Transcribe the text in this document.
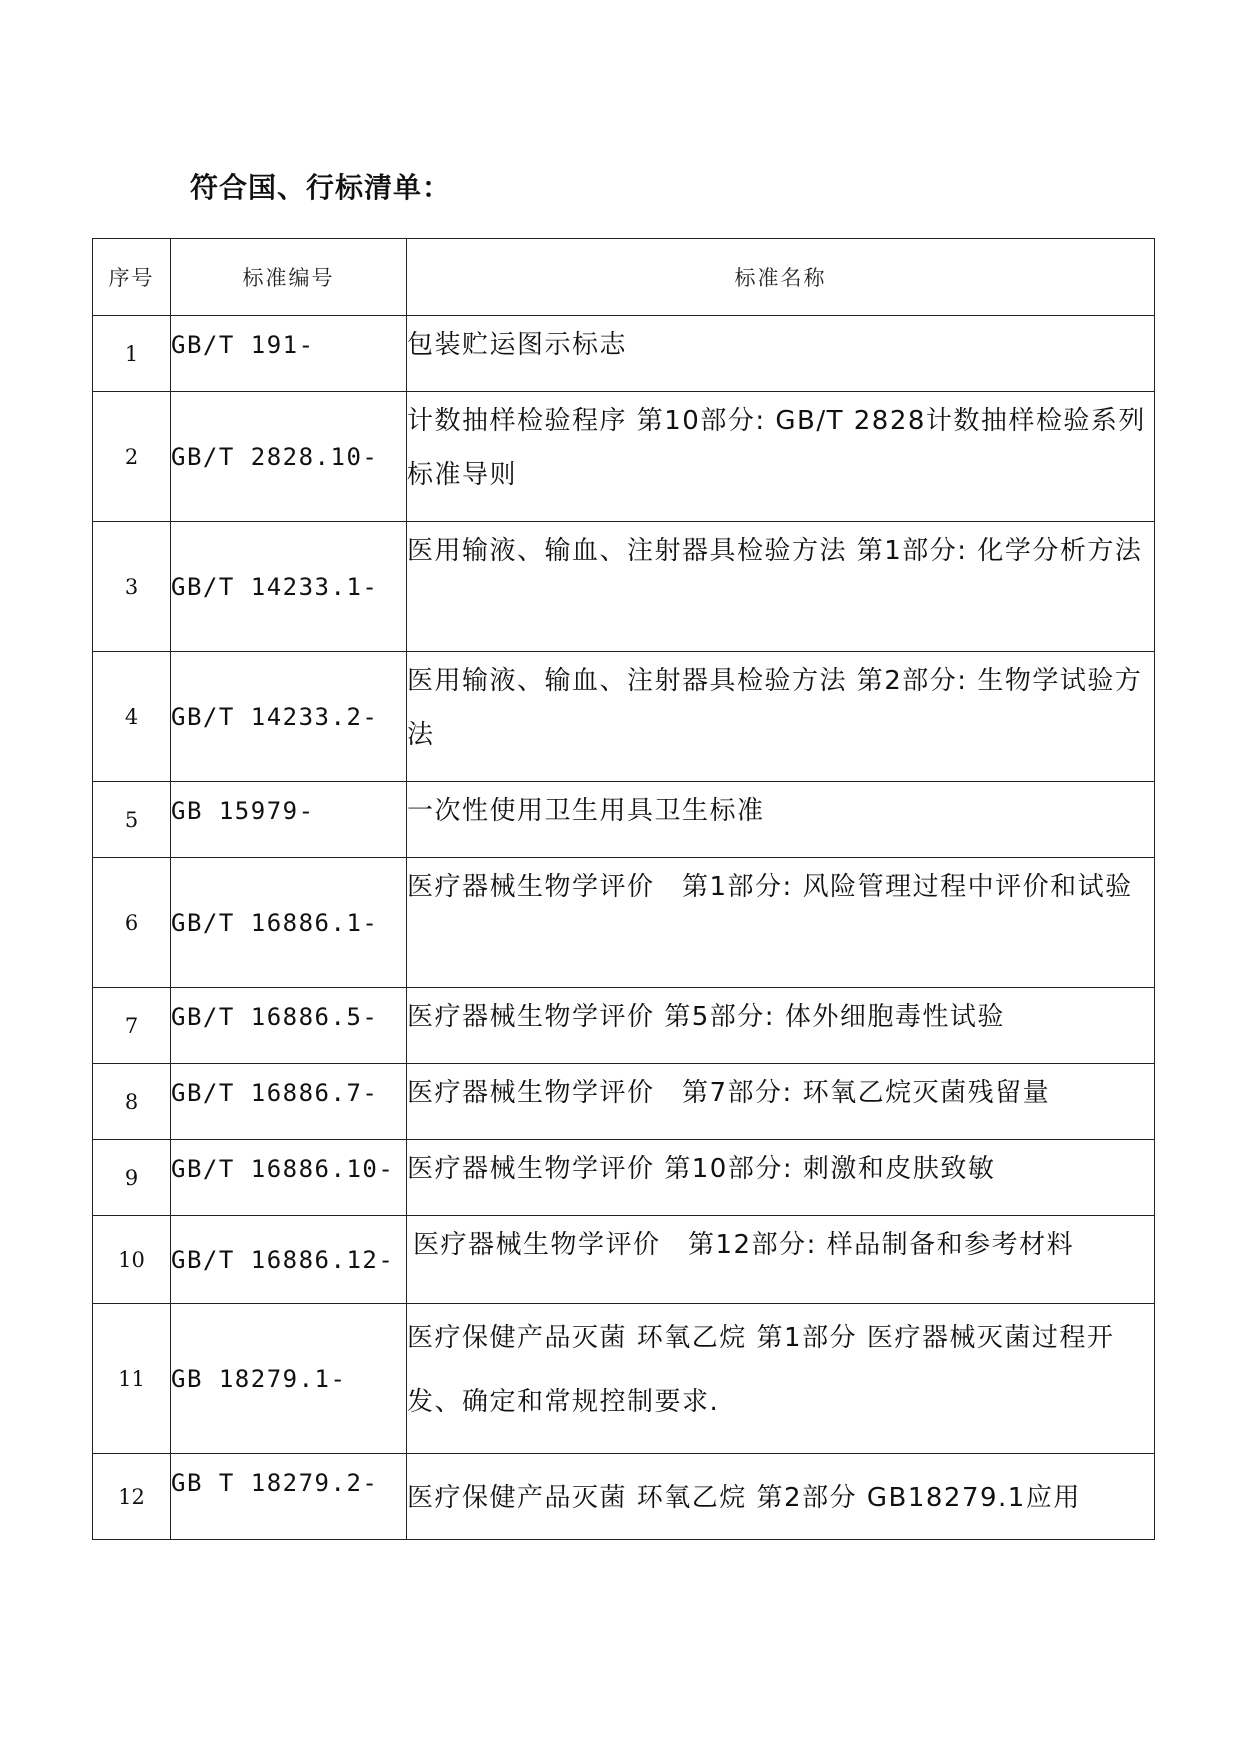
符合国、行标清单：
序号	标准编号	标准名称
1	GB/T 191-	包装贮运图示标志

2	GB/T 2828.10-	计数抽样检验程序 第10部分: GB/T 2828计数抽样检验系列标准导则

3	GB/T 14233.1-	医用输液、输血、注射器具检验方法 第1部分: 化学分析方法

4	GB/T 14233.2-	医用输液、输血、注射器具检验方法 第2部分: 生物学试验方法

5	GB 15979-	一次性使用卫生用具卫生标准

6	GB/T 16886.1-	医疗器械生物学评价　第1部分: 风险管理过程中评价和试验

7	GB/T 16886.5-	医疗器械生物学评价 第5部分: 体外细胞毒性试验

8	GB/T 16886.7-	医疗器械生物学评价　第7部分: 环氧乙烷灭菌残留量

9	GB/T 16886.10-	医疗器械生物学评价 第10部分: 刺激和皮肤致敏

10	GB/T 16886.12-	医疗器械生物学评价　第12部分: 样品制备和参考材料

11	GB 18279.1-	医疗保健产品灭菌 环氧乙烷 第1部分 医疗器械灭菌过程开发、确定和常规控制要求.

12	GB T 18279.2-	医疗保健产品灭菌 环氧乙烷 第2部分 GB18279.1应用
